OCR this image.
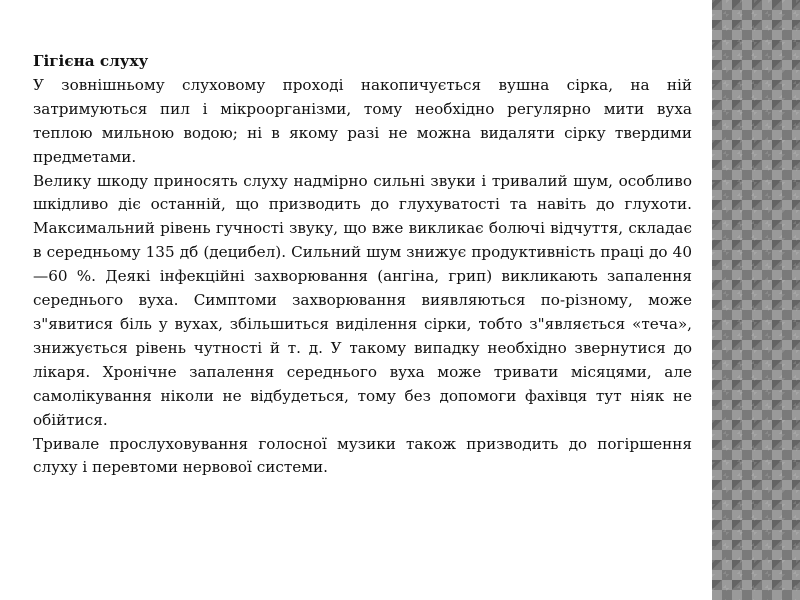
Гігієна слуху

У зовнішньому слуховому проході накопичується вушна сірка, на ній затримуються пил і мікроорганізми, тому необхідно регулярно мити вуха теплою мильною водою; ні в якому разі не можна видаляти сірку твердими предметами.

Велику шкоду приносять слуху надмірно сильні звуки і тривалий шум, особливо шкідливо діє останній, що призводить до глухуватості та навіть до глухоти. Максимальний рівень гучності звуку, що вже викликає болючі відчуття, складає в середньому 135 дб (децибел). Сильний шум знижує продуктивність праці до 40—60 %. Деякі інфекційні захворювання (ангіна, грип) викликають запалення середнього вуха. Симптоми захворювання виявляються по-різному, може з"явитися біль у вухах, збільшиться виділення сірки, тобто з"являється «теча», знижується рівень чутності й т. д. У такому випадку необхідно звернутися до лікаря. Хронічне запалення середнього вуха може тривати місяцями, але самолікування ніколи не відбудеться, тому без допомоги фахівця тут ніяк не обійтися.

Тривале прослуховування голосної музики також призводить до погіршення слуху і перевтоми нервової системи.
